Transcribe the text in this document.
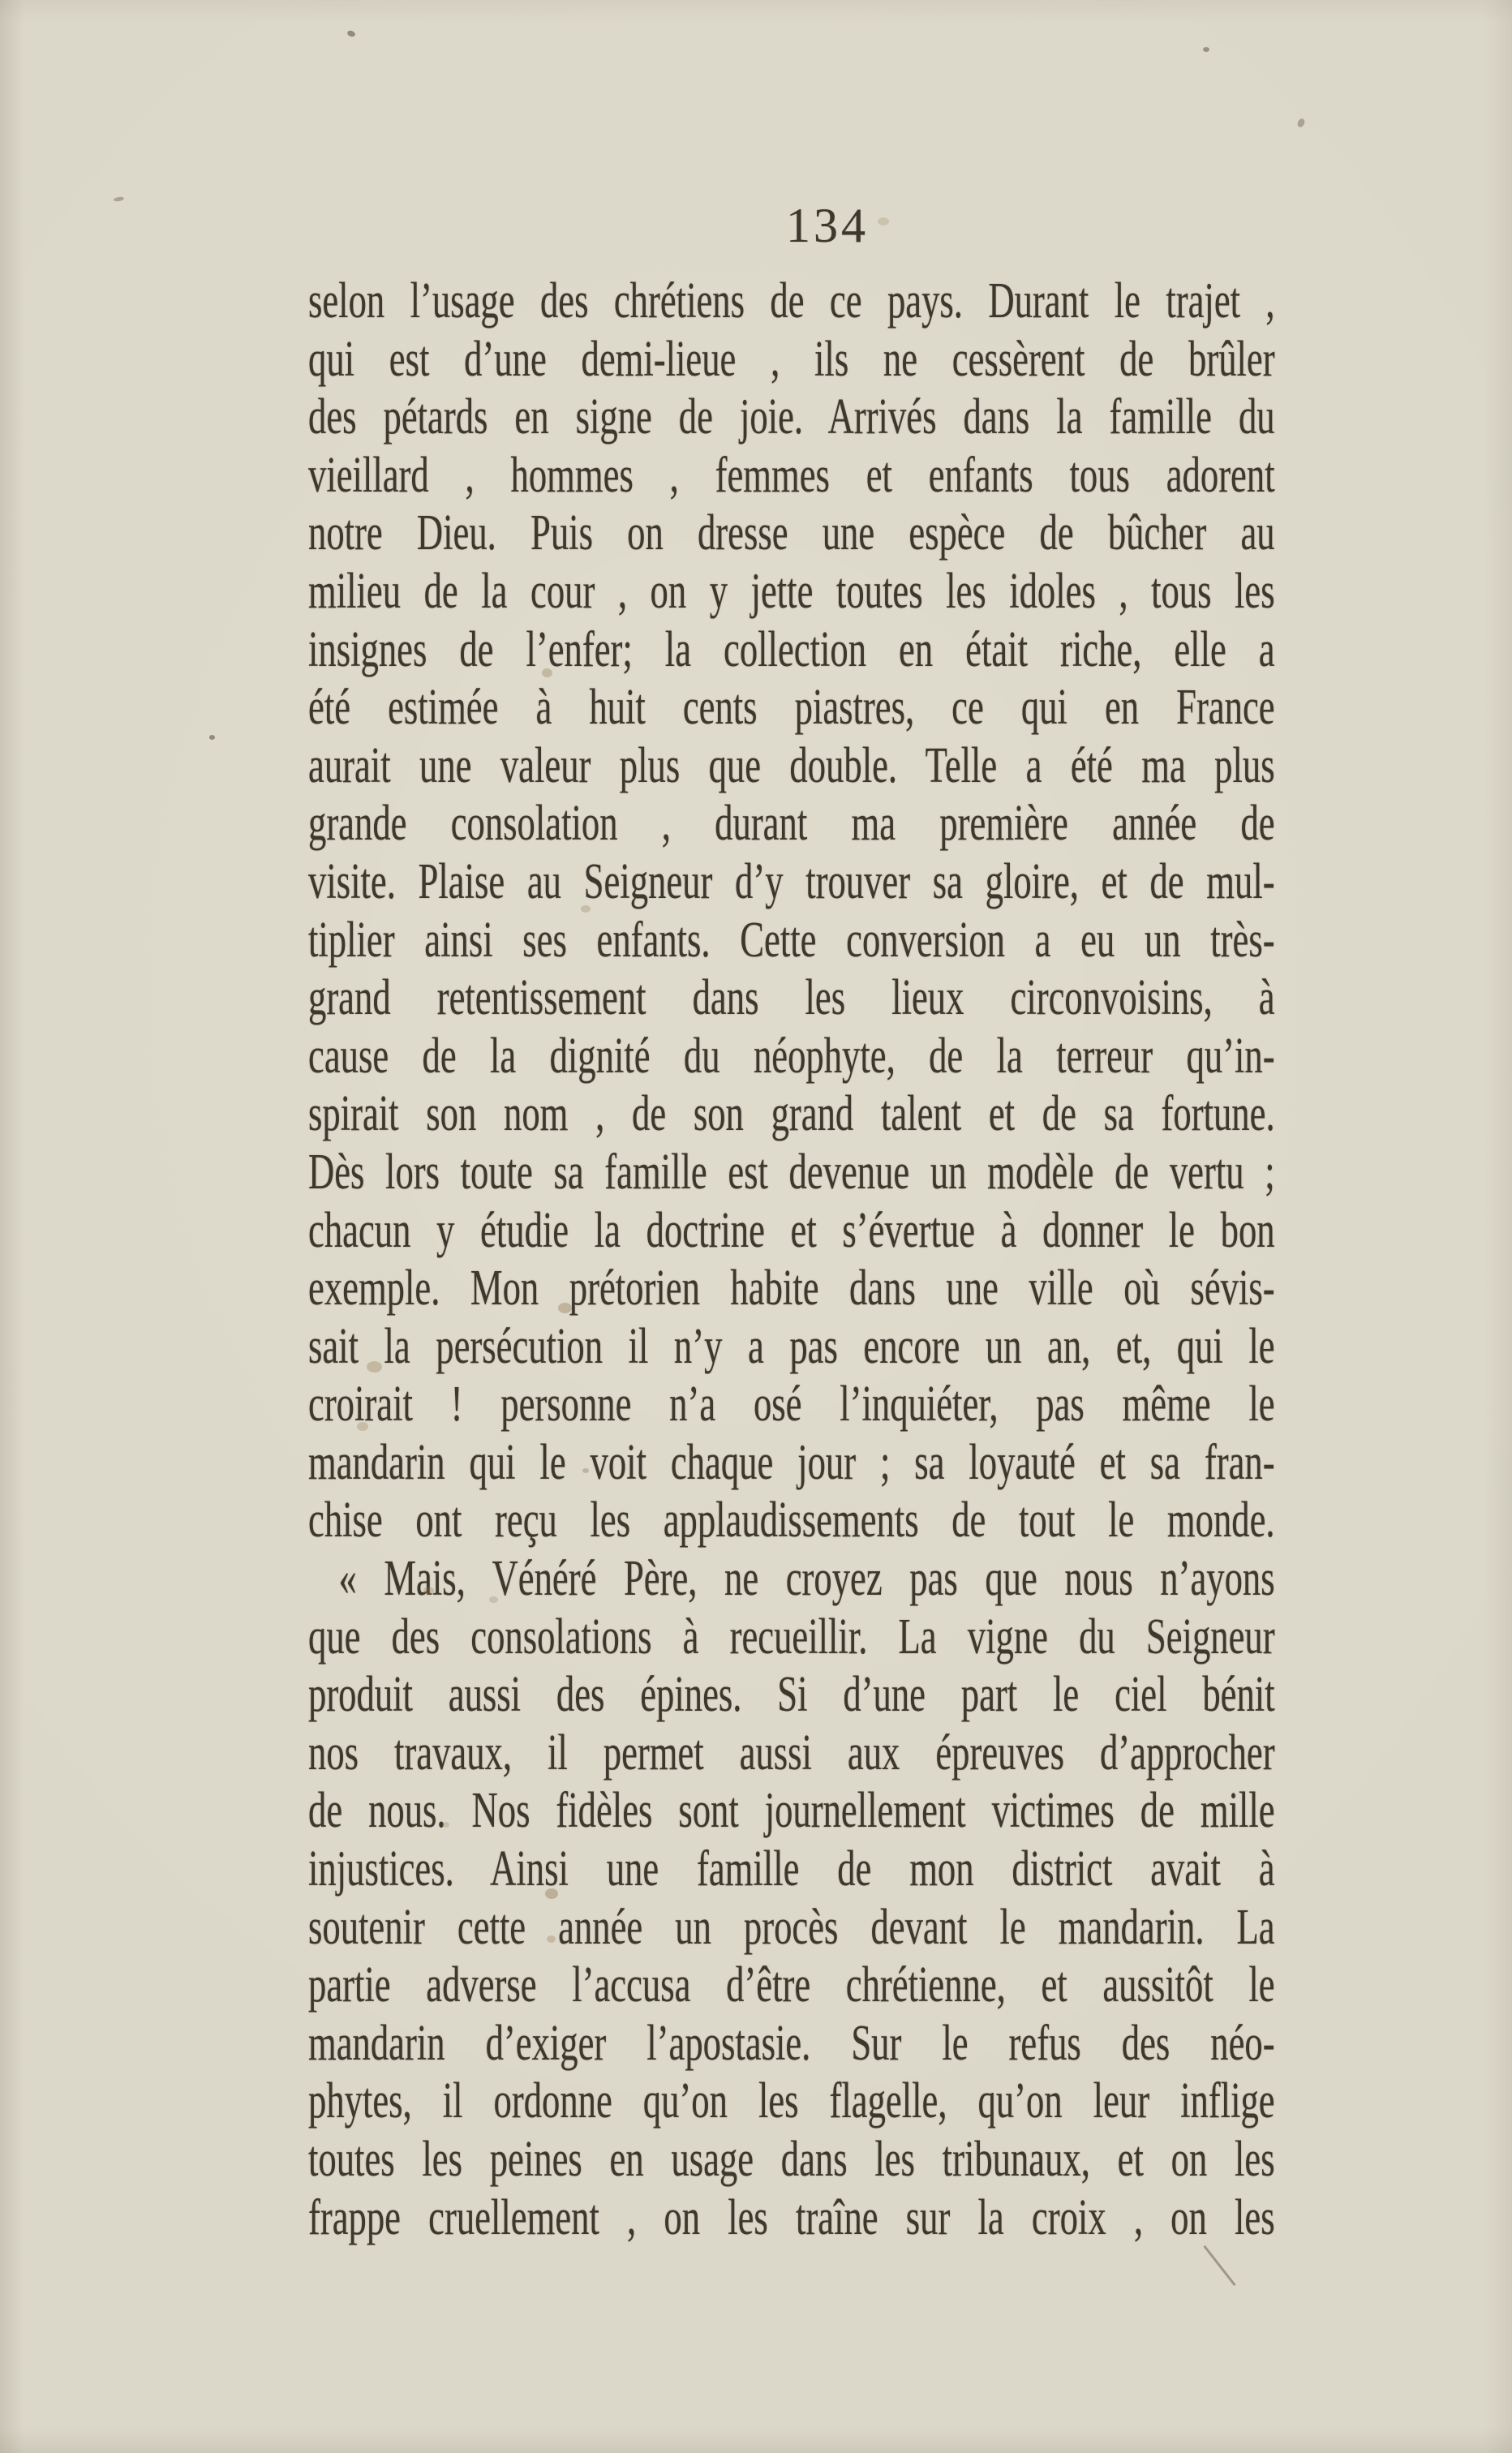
134
selon l’usage des chrétiens de ce pays. Durant le trajet ,
qui est d’une demi-lieue , ils ne cessèrent de brûler
des pétards en signe de joie. Arrivés dans la famille du
vieillard , hommes , femmes et enfants tous adorent
notre Dieu. Puis on dresse une espèce de bûcher au
milieu de la cour , on y jette toutes les idoles , tous les
insignes de l’enfer; la collection en était riche, elle a
été estimée à huit cents piastres, ce qui en France
aurait une valeur plus que double. Telle a été ma plus
grande consolation , durant ma première année de
visite. Plaise au Seigneur d’y trouver sa gloire, et de mul-
tiplier ainsi ses enfants. Cette conversion a eu un très-
grand retentissement dans les lieux circonvoisins, à
cause de la dignité du néophyte, de la terreur qu’in-
spirait son nom , de son grand talent et de sa fortune.
Dès lors toute sa famille est devenue un modèle de vertu ;
chacun y étudie la doctrine et s’évertue à donner le bon
exemple. Mon prétorien habite dans une ville où sévis-
sait la persécution il n’y a pas encore un an, et, qui le
croirait ! personne n’a osé l’inquiéter, pas même le
mandarin qui le voit chaque jour ; sa loyauté et sa fran-
chise ont reçu les applaudissements de tout le monde.
« Mais, Vénéré Père, ne croyez pas que nous n’ayons
que des consolations à recueillir. La vigne du Seigneur
produit aussi des épines. Si d’une part le ciel bénit
nos travaux, il permet aussi aux épreuves d’approcher
de nous. Nos fidèles sont journellement victimes de mille
injustices. Ainsi une famille de mon district avait à
soutenir cette année un procès devant le mandarin. La
partie adverse l’accusa d’être chrétienne, et aussitôt le
mandarin d’exiger l’apostasie. Sur le refus des néo-
phytes, il ordonne qu’on les flagelle, qu’on leur inflige
toutes les peines en usage dans les tribunaux, et on les
frappe cruellement , on les traîne sur la croix , on les
